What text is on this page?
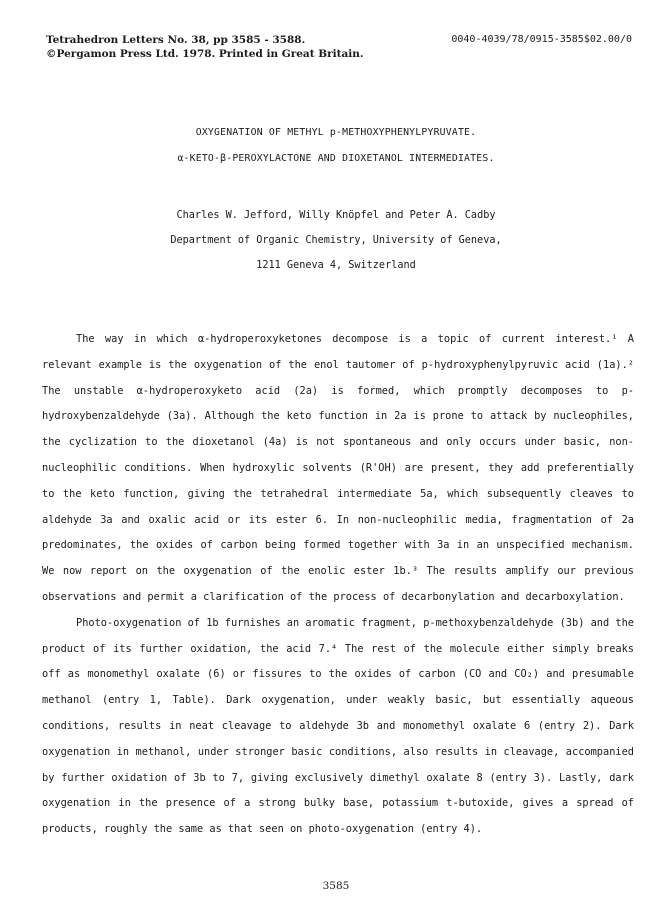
Tetrahedron Letters No. 38, pp 3585 - 3588.
©Pergamon Press Ltd. 1978. Printed in Great Britain.
0040-4039/78/0915-3585$02.00/0
OXYGENATION OF METHYL p-METHOXYPHENYLPYRUVATE.
α-KETO-β-PEROXYLACTONE AND DIOXETANOL INTERMEDIATES.
Charles W. Jefford, Willy Knöpfel and Peter A. Cadby
Department of Organic Chemistry, University of Geneva,
1211 Geneva 4, Switzerland

The way in which α-hydroperoxyketones decompose is a topic of current interest.¹ A relevant example is the oxygenation of the enol tautomer of p-hydroxyphenylpyruvic acid (1a).² The unstable α-hydroperoxyketo acid (2a) is formed, which promptly decomposes to p-hydroxybenzaldehyde (3a). Although the keto function in 2a is prone to attack by nucleophiles, the cyclization to the dioxetanol (4a) is not spontaneous and only occurs under basic, non-nucleophilic conditions. When hydroxylic solvents (R'OH) are present, they add preferentially to the keto function, giving the tetrahedral intermediate 5a, which subsequently cleaves to aldehyde 3a and oxalic acid or its ester 6. In non-nucleophilic media, fragmentation of 2a predominates, the oxides of carbon being formed together with 3a in an unspecified mechanism. We now report on the oxygenation of the enolic ester 1b.³ The results amplify our previous observations and permit a clarification of the process of decarbonylation and decarboxylation.

Photo-oxygenation of 1b furnishes an aromatic fragment, p-methoxybenzaldehyde (3b) and the product of its further oxidation, the acid 7.⁴ The rest of the molecule either simply breaks off as monomethyl oxalate (6) or fissures to the oxides of carbon (CO and CO₂) and presumable methanol (entry 1, Table). Dark oxygenation, under weakly basic, but essentially aqueous conditions, results in neat cleavage to aldehyde 3b and monomethyl oxalate 6 (entry 2). Dark oxygenation in methanol, under stronger basic conditions, also results in cleavage, accompanied by further oxidation of 3b to 7, giving exclusively dimethyl oxalate 8 (entry 3). Lastly, dark oxygenation in the presence of a strong bulky base, potassium t-butoxide, gives a spread of products, roughly the same as that seen on photo-oxygenation (entry 4).

3585
